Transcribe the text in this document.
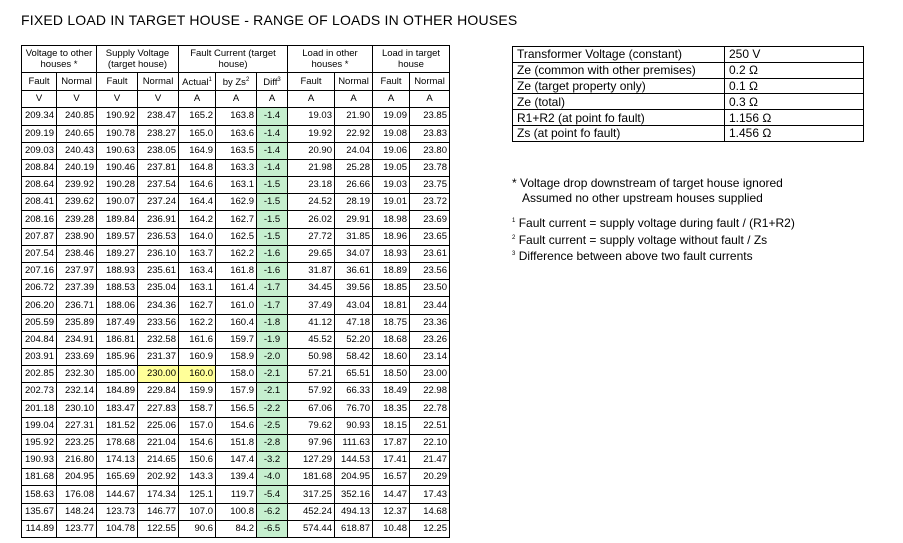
FIXED LOAD IN TARGET HOUSE - RANGE OF LOADS IN OTHER HOUSES
Voltage to other houses *		Supply Voltage (target house)		Fault Current (target house)			Load in other houses *		Load in target house	
Fault	Normal	Fault	Normal	Actual$^1$	by Zs$^2$	Diff$^3$	Fault	Normal	Fault	Normal
V	V	V	V	A	A	A	A	A	A	A
209.34	240.85	190.92	238.47	165.2	163.8	-1.4	19.03	21.90	19.09	23.85
209.19	240.65	190.78	238.27	165.0	163.6	-1.4	19.92	22.92	19.08	23.83
209.03	240.43	190.63	238.05	164.9	163.5	-1.4	20.90	24.04	19.06	23.80
208.84	240.19	190.46	237.81	164.8	163.3	-1.4	21.98	25.28	19.05	23.78
208.64	239.92	190.28	237.54	164.6	163.1	-1.5	23.18	26.66	19.03	23.75
208.41	239.62	190.07	237.24	164.4	162.9	-1.5	24.52	28.19	19.01	23.72
208.16	239.28	189.84	236.91	164.2	162.7	-1.5	26.02	29.91	18.98	23.69
207.87	238.90	189.57	236.53	164.0	162.5	-1.5	27.72	31.85	18.96	23.65
207.54	238.46	189.27	236.10	163.7	162.2	-1.6	29.65	34.07	18.93	23.61
207.16	237.97	188.93	235.61	163.4	161.8	-1.6	31.87	36.61	18.89	23.56
206.72	237.39	188.53	235.04	163.1	161.4	-1.7	34.45	39.56	18.85	23.50
206.20	236.71	188.06	234.36	162.7	161.0	-1.7	37.49	43.04	18.81	23.44
205.59	235.89	187.49	233.56	162.2	160.4	-1.8	41.12	47.18	18.75	23.36
204.84	234.91	186.81	232.58	161.6	159.7	-1.9	45.52	52.20	18.68	23.26
203.91	233.69	185.96	231.37	160.9	158.9	-2.0	50.98	58.42	18.60	23.14
202.85	232.30	185.00	230.00	160.0	158.0	-2.1	57.21	65.51	18.50	23.00
202.73	232.14	184.89	229.84	159.9	157.9	-2.1	57.92	66.33	18.49	22.98
201.18	230.10	183.47	227.83	158.7	156.5	-2.2	67.06	76.70	18.35	22.78
199.04	227.31	181.52	225.06	157.0	154.6	-2.5	79.62	90.93	18.15	22.51
195.92	223.25	178.68	221.04	154.6	151.8	-2.8	97.96	111.63	17.87	22.10
190.93	216.80	174.13	214.65	150.6	147.4	-3.2	127.29	144.53	17.41	21.47
181.68	204.95	165.69	202.92	143.3	139.4	-4.0	181.68	204.95	16.57	20.29
158.63	176.08	144.67	174.34	125.1	119.7	-5.4	317.25	352.16	14.47	17.43
135.67	148.24	123.73	146.77	107.0	100.8	-6.2	452.24	494.13	12.37	14.68
114.89	123.77	104.78	122.55	90.6	84.2	-6.5	574.44	618.87	10.48	12.25
Transformer Voltage (constant)	250 V
Ze (common with other premises)	0.2 Ω
Ze (target property only)	0.1 Ω
Ze (total)	0.3 Ω
R1+R2 (at point fo fault)	1.156 Ω
Zs (at point fo fault)	1.456 Ω
* Voltage drop downstream of target house ignored
Assumed no other upstream houses supplied
$^1$ Fault current = supply voltage during fault / (R1+R2)
$^2$ Fault current = supply voltage without fault / Zs
$^3$ Difference between above two fault currents
